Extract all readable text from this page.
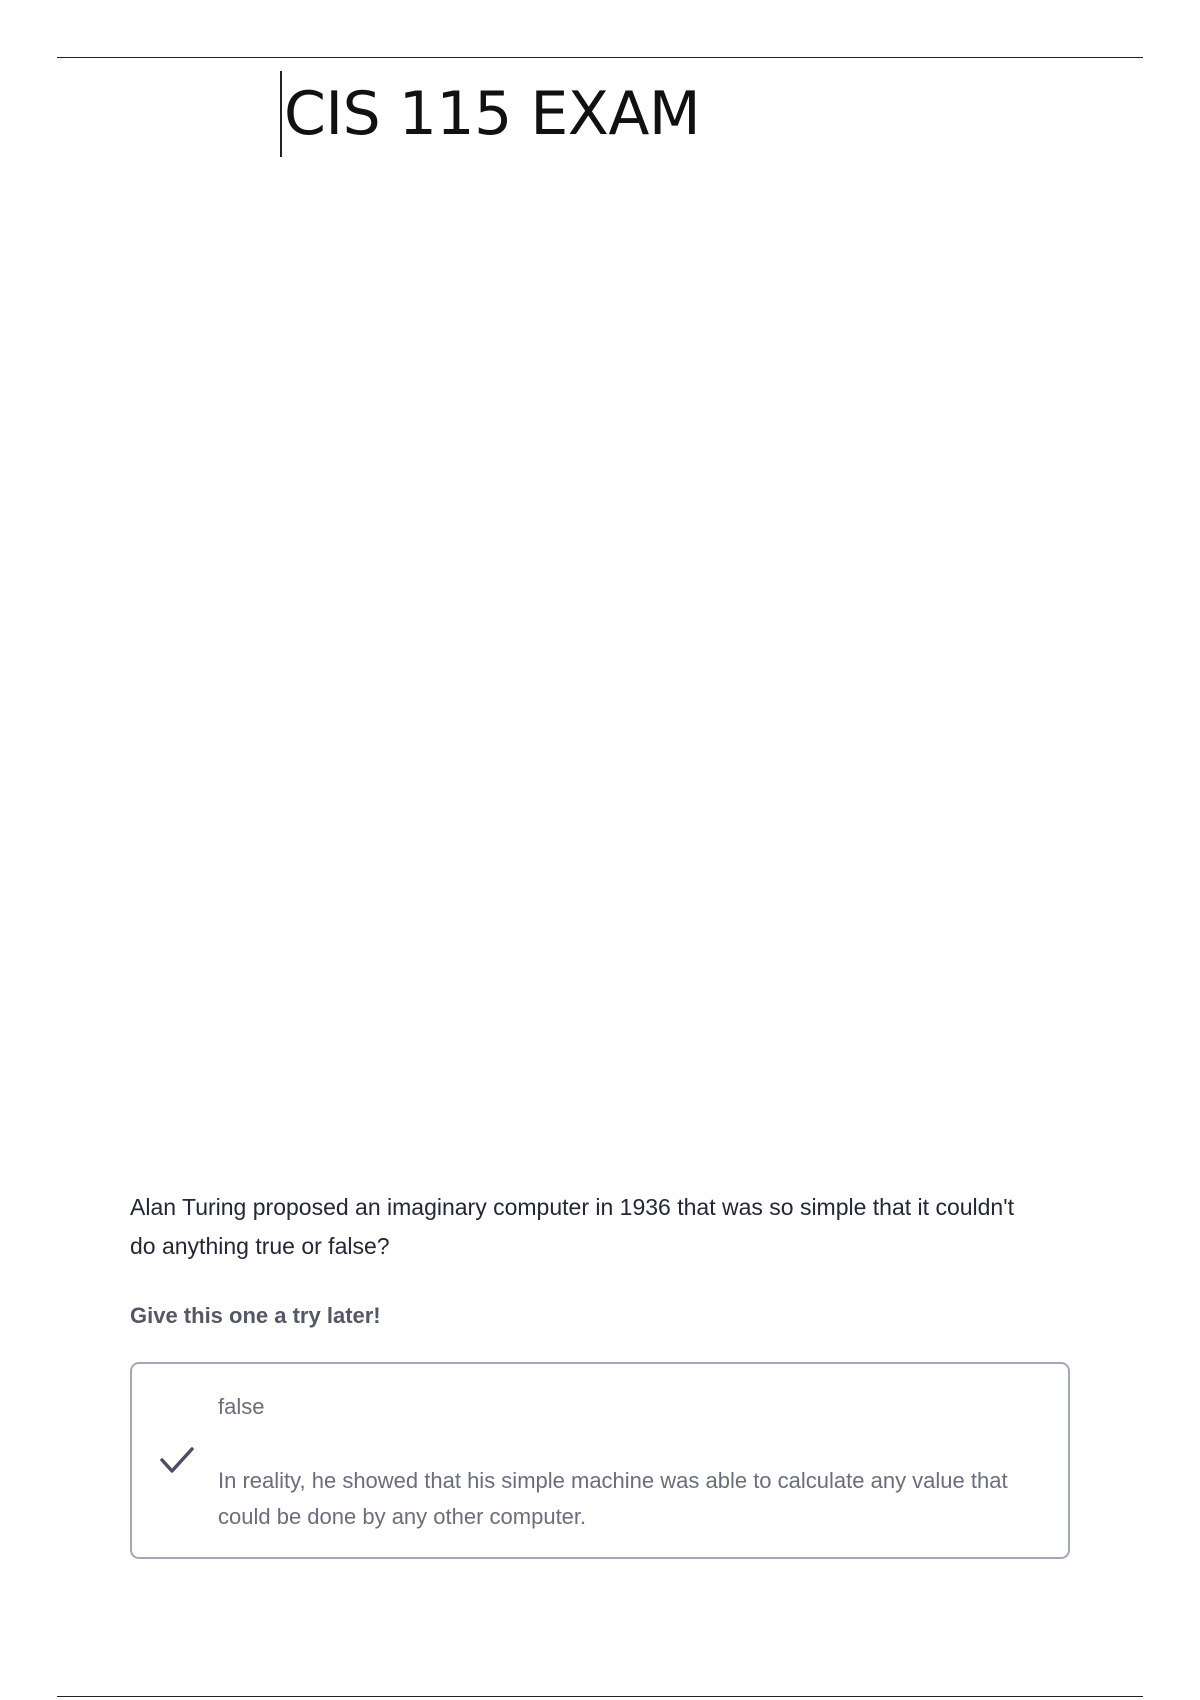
CIS 115 EXAM
Alan Turing proposed an imaginary computer in 1936 that was so simple that it couldn't do anything true or false?
Give this one a try later!
false
In reality, he showed that his simple machine was able to calculate any value that could be done by any other computer.
